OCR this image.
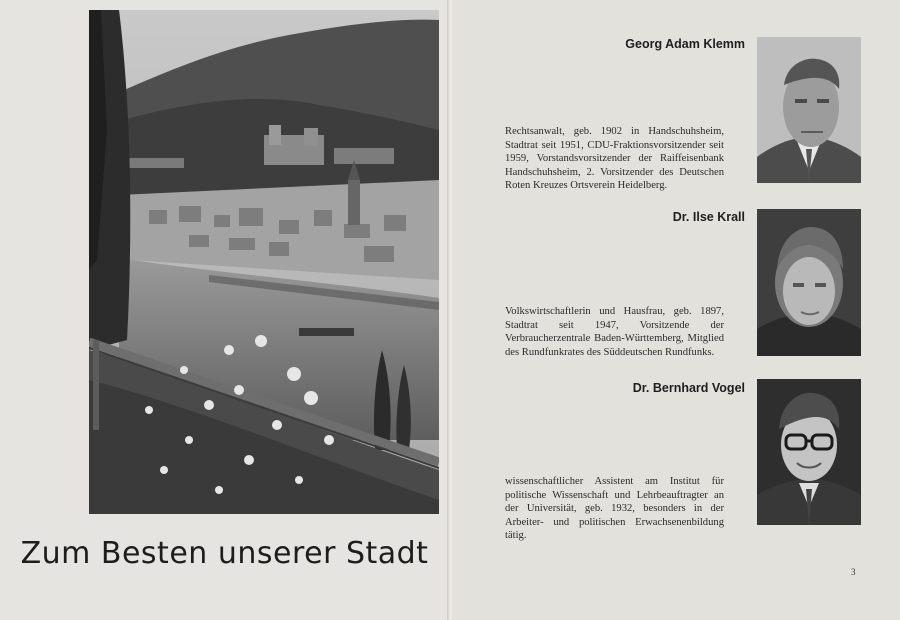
Zum Besten unserer Stadt
Georg Adam Klemm

Rechtsanwalt, geb. 1902 in Handschuhsheim, Stadtrat seit 1951, CDU-Fraktionsvorsitzender seit 1959, Vorstandsvorsitzender der Raiffeisenbank Handschuhsheim, 2. Vorsitzender des Deutschen Roten Kreuzes Ortsverein Heidelberg.

Dr. Ilse Krall

Volkswirtschaftlerin und Hausfrau, geb. 1897, Stadtrat seit 1947, Vorsitzende der Verbraucherzentrale Baden-Württemberg, Mitglied des Rundfunkrates des Süddeutschen Rundfunks.

Dr. Bernhard Vogel

wissenschaftlicher Assistent am Institut für politische Wissenschaft und Lehrbeauftragter an der Universität, geb. 1932, besonders in der Arbeiter- und politischen Erwachsenenbildung tätig.

3
